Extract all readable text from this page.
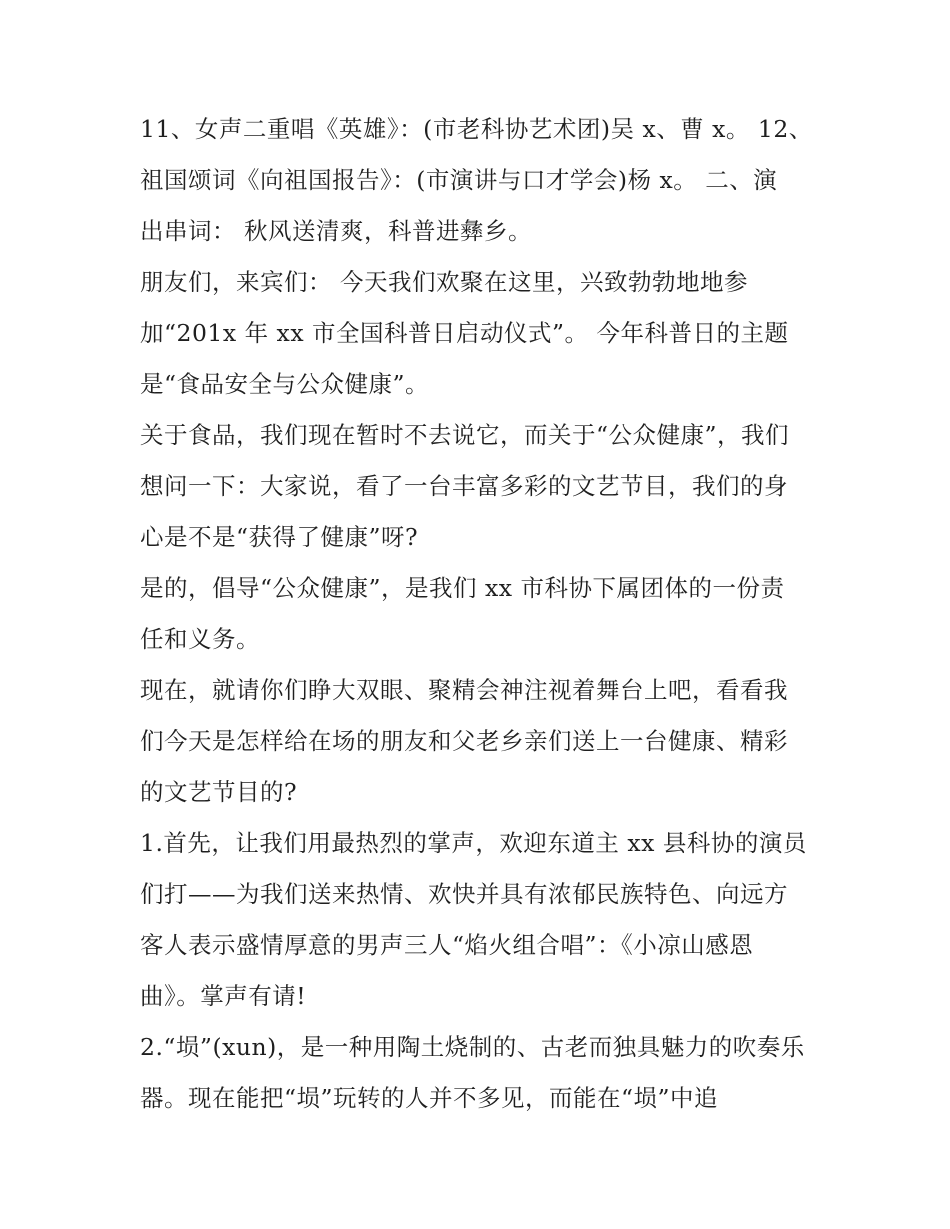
11、女声二重唱《英雄》：(市老科协艺术团)吴 x、曹 x。 12、
祖国颂词《向祖国报告》：(市演讲与口才学会)杨 x。 二、演
出串词： 秋风送清爽，科普进彝乡。
朋友们，来宾们： 今天我们欢聚在这里，兴致勃勃地地参
加“201x 年 xx 市全国科普日启动仪式”。 今年科普日的主题
是“食品安全与公众健康”。
关于食品，我们现在暂时不去说它，而关于“公众健康”，我们
想问一下：大家说，看了一台丰富多彩的文艺节目，我们的身
心是不是“获得了健康”呀?
是的，倡导“公众健康”，是我们 xx 市科协下属团体的一份责
任和义务。
现在，就请你们睁大双眼、聚精会神注视着舞台上吧，看看我
们今天是怎样给在场的朋友和父老乡亲们送上一台健康、精彩
的文艺节目的?
1.首先，让我们用最热烈的掌声，欢迎东道主 xx 县科协的演员
们打——为我们送来热情、欢快并具有浓郁民族特色、向远方
客人表示盛情厚意的男声三人“焰火组合唱”：《小凉山感恩
曲》。掌声有请!
2.“埙”(xun)，是一种用陶土烧制的、古老而独具魅力的吹奏乐
器。现在能把“埙”玩转的人并不多见，而能在“埙”中追
